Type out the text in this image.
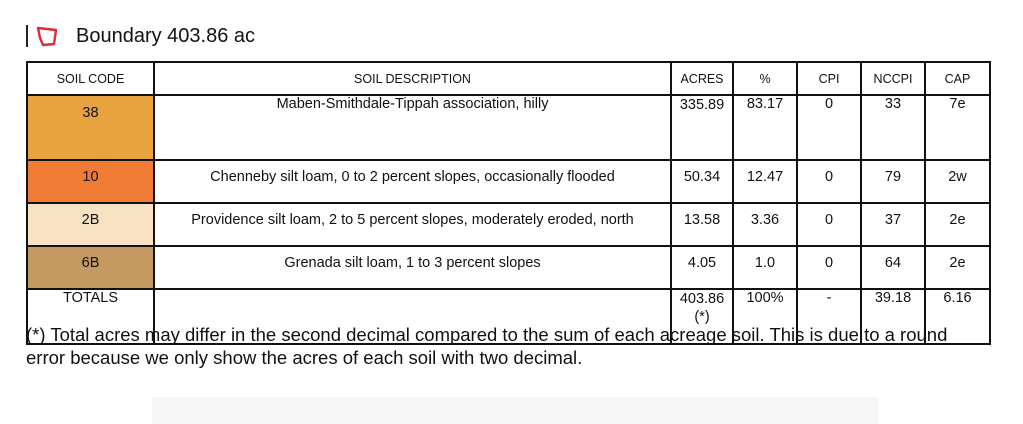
Boundary 403.86 ac
SOIL CODE	SOIL DESCRIPTION	ACRES	%	CPI	NCCPI	CAP
38	Maben-Smithdale-Tippah association, hilly	335.89	83.17	0	33	7e
10	Chenneby silt loam, 0 to 2 percent slopes, occasionally flooded	50.34	12.47	0	79	2w
2B	Providence silt loam, 2 to 5 percent slopes, moderately eroded, north	13.58	3.36	0	37	2e
6B	Grenada silt loam, 1 to 3 percent slopes	4.05	1.0	0	64	2e
TOTALS		403.86(*)	100%	-	39.18	6.16
(*) Total acres may differ in the second decimal compared to the sum of each acreage soil. This is due to a round error because we only show the acres of each soil with two decimal.
